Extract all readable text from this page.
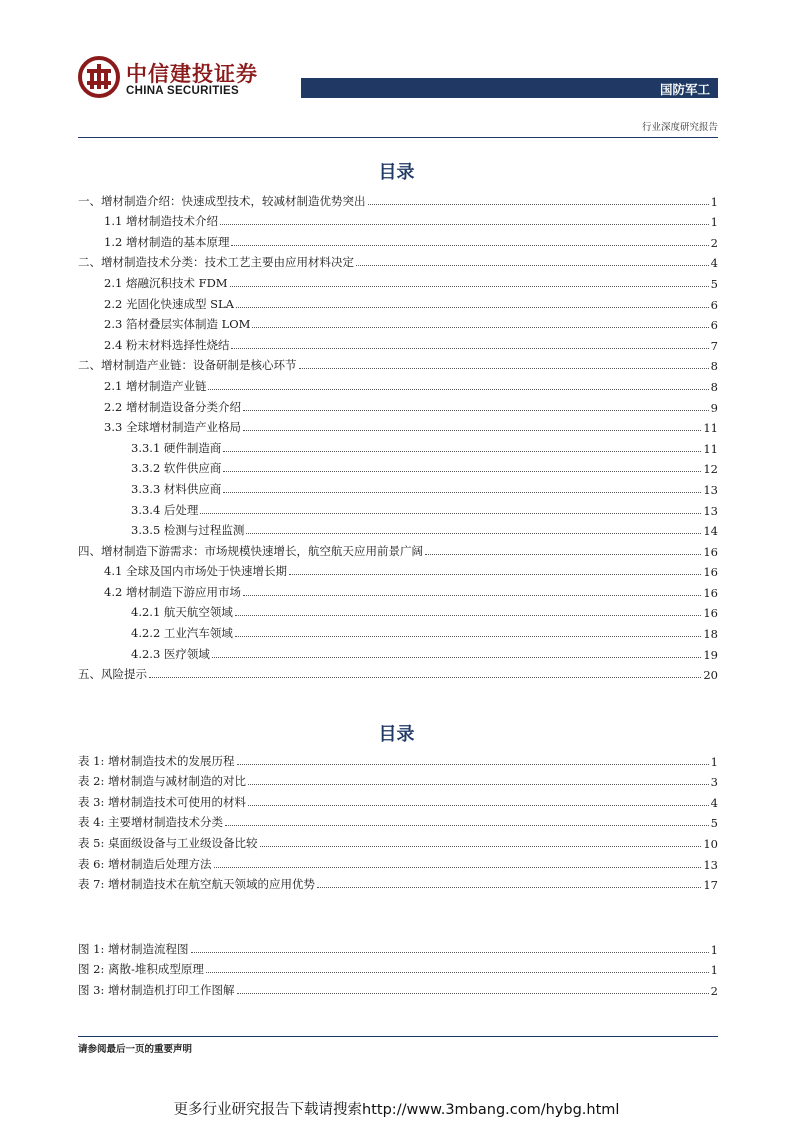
中信建投证券
CHINA SECURITIES	国防军工
行业深度研究报告
目录
一、增材制造介绍：快速成型技术，较减材制造优势突出	1
1.1 增材制造技术介绍	1
1.2 增材制造的基本原理	2
二、增材制造技术分类：技术工艺主要由应用材料决定	4
2.1 熔融沉积技术 FDM	5
2.2 光固化快速成型 SLA	6
2.3 箔材叠层实体制造 LOM	6
2.4 粉末材料选择性烧结	7
二、增材制造产业链：设备研制是核心环节	8
2.1 增材制造产业链	8
2.2 增材制造设备分类介绍	9
3.3 全球增材制造产业格局	11
3.3.1 硬件制造商	11
3.3.2 软件供应商	12
3.3.3 材料供应商	13
3.3.4 后处理	13
3.3.5 检测与过程监测	14
四、增材制造下游需求：市场规模快速增长，航空航天应用前景广阔	16
4.1 全球及国内市场处于快速增长期	16
4.2 增材制造下游应用市场	16
4.2.1 航天航空领域	16
4.2.2 工业汽车领域	18
4.2.3 医疗领域	19
五、风险提示	20
目录
表 1: 增材制造技术的发展历程	1
表 2: 增材制造与减材制造的对比	3
表 3: 增材制造技术可使用的材料	4
表 4: 主要增材制造技术分类	5
表 5: 桌面级设备与工业级设备比较	10
表 6: 增材制造后处理方法	13
表 7: 增材制造技术在航空航天领域的应用优势	17
图 1: 增材制造流程图	1
图 2: 离散-堆积成型原理	1
图 3: 增材制造机打印工作图解	2
请参阅最后一页的重要声明
更多行业研究报告下载请搜索http://www.3mbang.com/hybg.html
